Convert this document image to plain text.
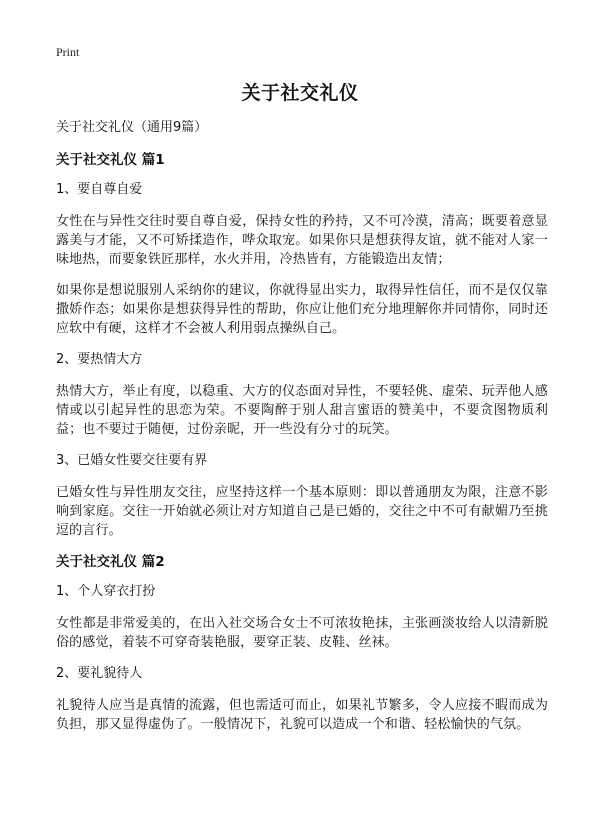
Print
关于社交礼仪
关于社交礼仪（通用9篇）
关于社交礼仪 篇1
1、要自尊自爱
女性在与异性交往时要自尊自爱，保持女性的矜持，又不可冷漠，清高；既要着意显露美与才能，又不可矫揉造作，哗众取宠。如果你只是想获得友谊，就不能对人家一味地热，而要象铁匠那样，水火并用，冷热皆有，方能锻造出友情；
如果你是想说服别人采纳你的建议，你就得显出实力，取得异性信任，而不是仅仅靠撒娇作态；如果你是想获得异性的帮助，你应让他们充分地理解你并同情你，同时还应软中有硬，这样才不会被人利用弱点操纵自己。
2、要热情大方
热情大方，举止有度，以稳重、大方的仪态面对异性，不要轻佻、虚荣、玩弄他人感情或以引起异性的思恋为荣。不要陶醉于别人甜言蜜语的赞美中，不要贪图物质利益；也不要过于随便，过份亲昵，开一些没有分寸的玩笑。
3、已婚女性要交往要有界
已婚女性与异性朋友交往，应坚持这样一个基本原则：即以普通朋友为限，注意不影响到家庭。交往一开始就必须让对方知道自己是已婚的，交往之中不可有献媚乃至挑逗的言行。
关于社交礼仪 篇2
1、个人穿衣打扮
女性都是非常爱美的，在出入社交场合女士不可浓妆艳抹，主张画淡妆给人以清新脱俗的感觉，着装不可穿奇装艳服，要穿正装、皮鞋、丝袜。
2、要礼貌待人
礼貌待人应当是真情的流露，但也需适可而止，如果礼节繁多，令人应接不暇而成为负担，那又显得虚伪了。一般情况下，礼貌可以造成一个和谐、轻松愉快的气氛。
